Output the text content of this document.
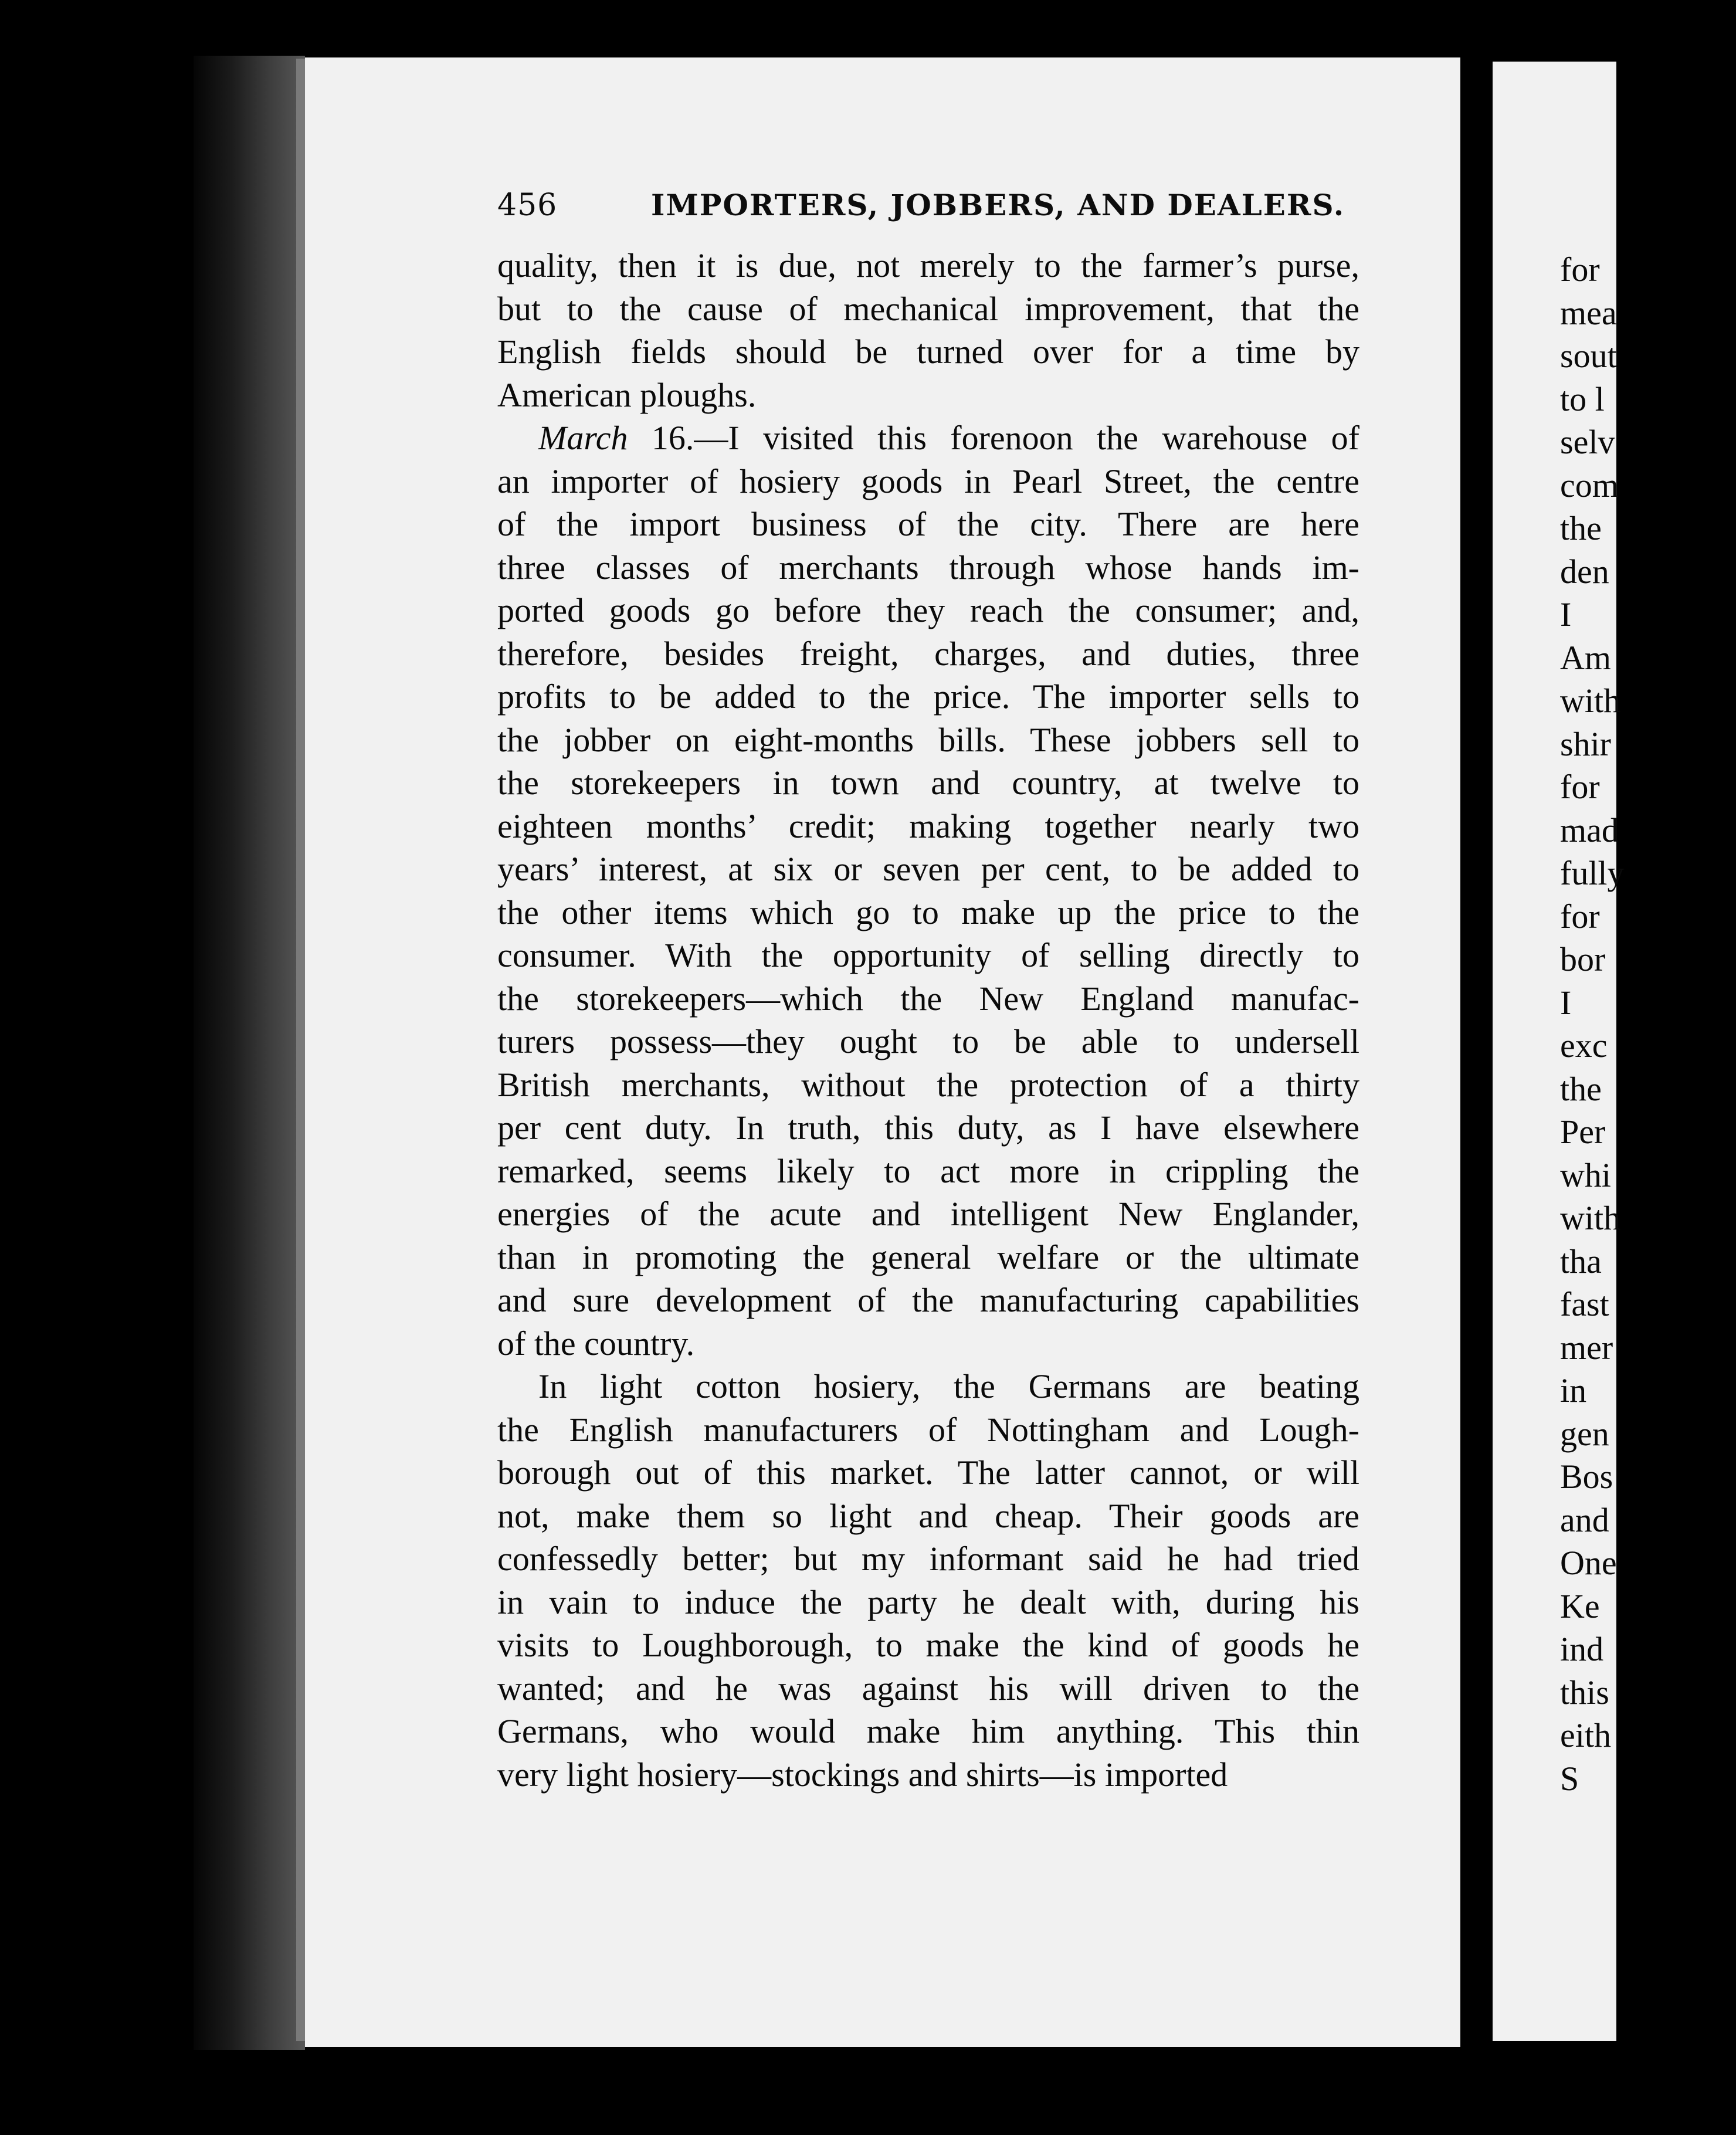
456	IMPORTERS, JOBBERS, AND DEALERS.
quality, then it is due, not merely to the farmer’s purse,
but to the cause of mechanical improvement, that the
English fields should be turned over for a time by
American ploughs.
March 16.—I visited this forenoon the warehouse of
an importer of hosiery goods in Pearl Street, the centre
of the import business of the city. There are here
three classes of merchants through whose hands im-
ported goods go before they reach the consumer; and,
therefore, besides freight, charges, and duties, three
profits to be added to the price. The importer sells to
the jobber on eight-months bills. These jobbers sell to
the storekeepers in town and country, at twelve to
eighteen months’ credit; making together nearly two
years’ interest, at six or seven per cent, to be added to
the other items which go to make up the price to the
consumer. With the opportunity of selling directly to
the storekeepers—which the New England manufac-
turers possess—they ought to be able to undersell
British merchants, without the protection of a thirty
per cent duty. In truth, this duty, as I have elsewhere
remarked, seems likely to act more in crippling the
energies of the acute and intelligent New Englander,
than in promoting the general welfare or the ultimate
and sure development of the manufacturing capabilities
of the country.
In light cotton hosiery, the Germans are beating
the English manufacturers of Nottingham and Lough-
borough out of this market. The latter cannot, or will
not, make them so light and cheap. Their goods are
confessedly better; but my informant said he had tried
in vain to induce the party he dealt with, during his
visits to Loughborough, to make the kind of goods he
wanted; and he was against his will driven to the
Germans, who would make him anything. This thin
very light hosiery—stockings and shirts—is imported
for
mea
sout
to l
selv
com
the
den
I
Am
with
shir
for
mad
fully
for
bor
I
exc
the
Per
whi
with
tha
fast
mer
in
gen
Bos
and
One
Ke
ind
this
eith
S
